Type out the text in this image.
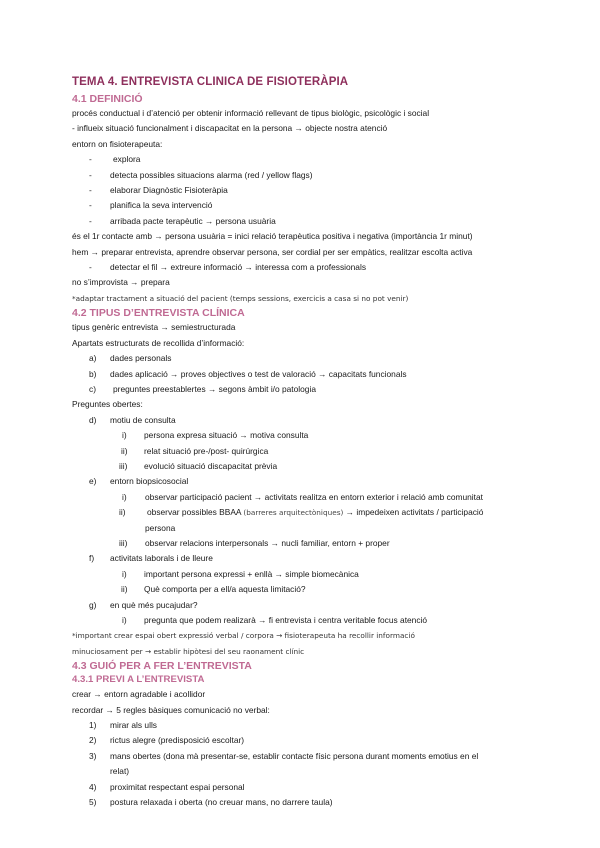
TEMA 4. ENTREVISTA CLINICA DE FISIOTERÀPIA
4.1 DEFINICIÓ
procés conductual i d’atenció per obtenir informació rellevant de tipus biològic, psicològic i social
- influeix situació funcionalment i discapacitat en la persona → objecte nostra atenció
entorn on fisioterapeuta:
-	explora
- detecta possibles situacions alarma (red / yellow flags)
- elaborar Diagnòstic Fisioteràpia
- planifica la seva intervenció
- arribada pacte terapèutic → persona usuària
és el 1r contacte amb → persona usuària = inici relació terapèutica positiva i negativa (importància 1r minut)
hem → preparar entrevista, aprendre observar persona, ser cordial per ser empàtics, realitzar escolta activa
- detectar el fil → extreure informació → interessa com a professionals
no s’improvista → prepara
*adaptar tractament a situació del pacient (temps sessions, exercicis a casa si no pot venir)
4.2 TIPUS D’ENTREVISTA CLÍNICA
tipus genèric entrevista → semiestructurada
Apartats estructurats de recollida d’informació:
a) dades personals
b) dades aplicació → proves objectives o test de valoració → capacitats funcionals
c) preguntes preestablertes → segons àmbit i/o patologia
Preguntes obertes:
d) motiu de consulta
i)	persona expresa situació → motiva consulta
ii)	relat situació pre-/post- quirúrgica
iii)	evolució situació discapacitat prèvia
e) entorn biopsicosocial
i) observar participació pacient → activitats realitza en entorn exterior i relació amb comunitat
ii)	observar possibles BBAA (barreres arquitectòniques) → impedeixen activitats / participació
persona
iii) observar relacions interpersonals → nucli familiar, entorn + proper
f) activitats laborals i de lleure
i)	important persona expressi + enllà → simple biomecànica
ii)	Què comporta per a ell/a aquesta limitació?
g) en què més pucajudar?
i)	pregunta que podem realizarà → fi entrevista i centra veritable focus atenció
*important crear espai obert expressió verbal / corpora → fisioterapeuta ha recollir informació
minuciosament per → establir hipòtesi del seu raonament clínic
4.3 GUIÓ PER A FER L’ENTREVISTA
4.3.1 PREVI A L’ENTREVISTA
crear → entorn agradable i acollidor
recordar → 5 regles bàsiques comunicació no verbal:
1) mirar als ulls
2) rictus alegre (predisposició escoltar)
3) mans obertes (dona mà presentar-se, establir contacte físic persona durant moments emotius en el
relat)
4) proximitat respectant espai personal
5) postura relaxada i oberta (no creuar mans, no darrere taula)
